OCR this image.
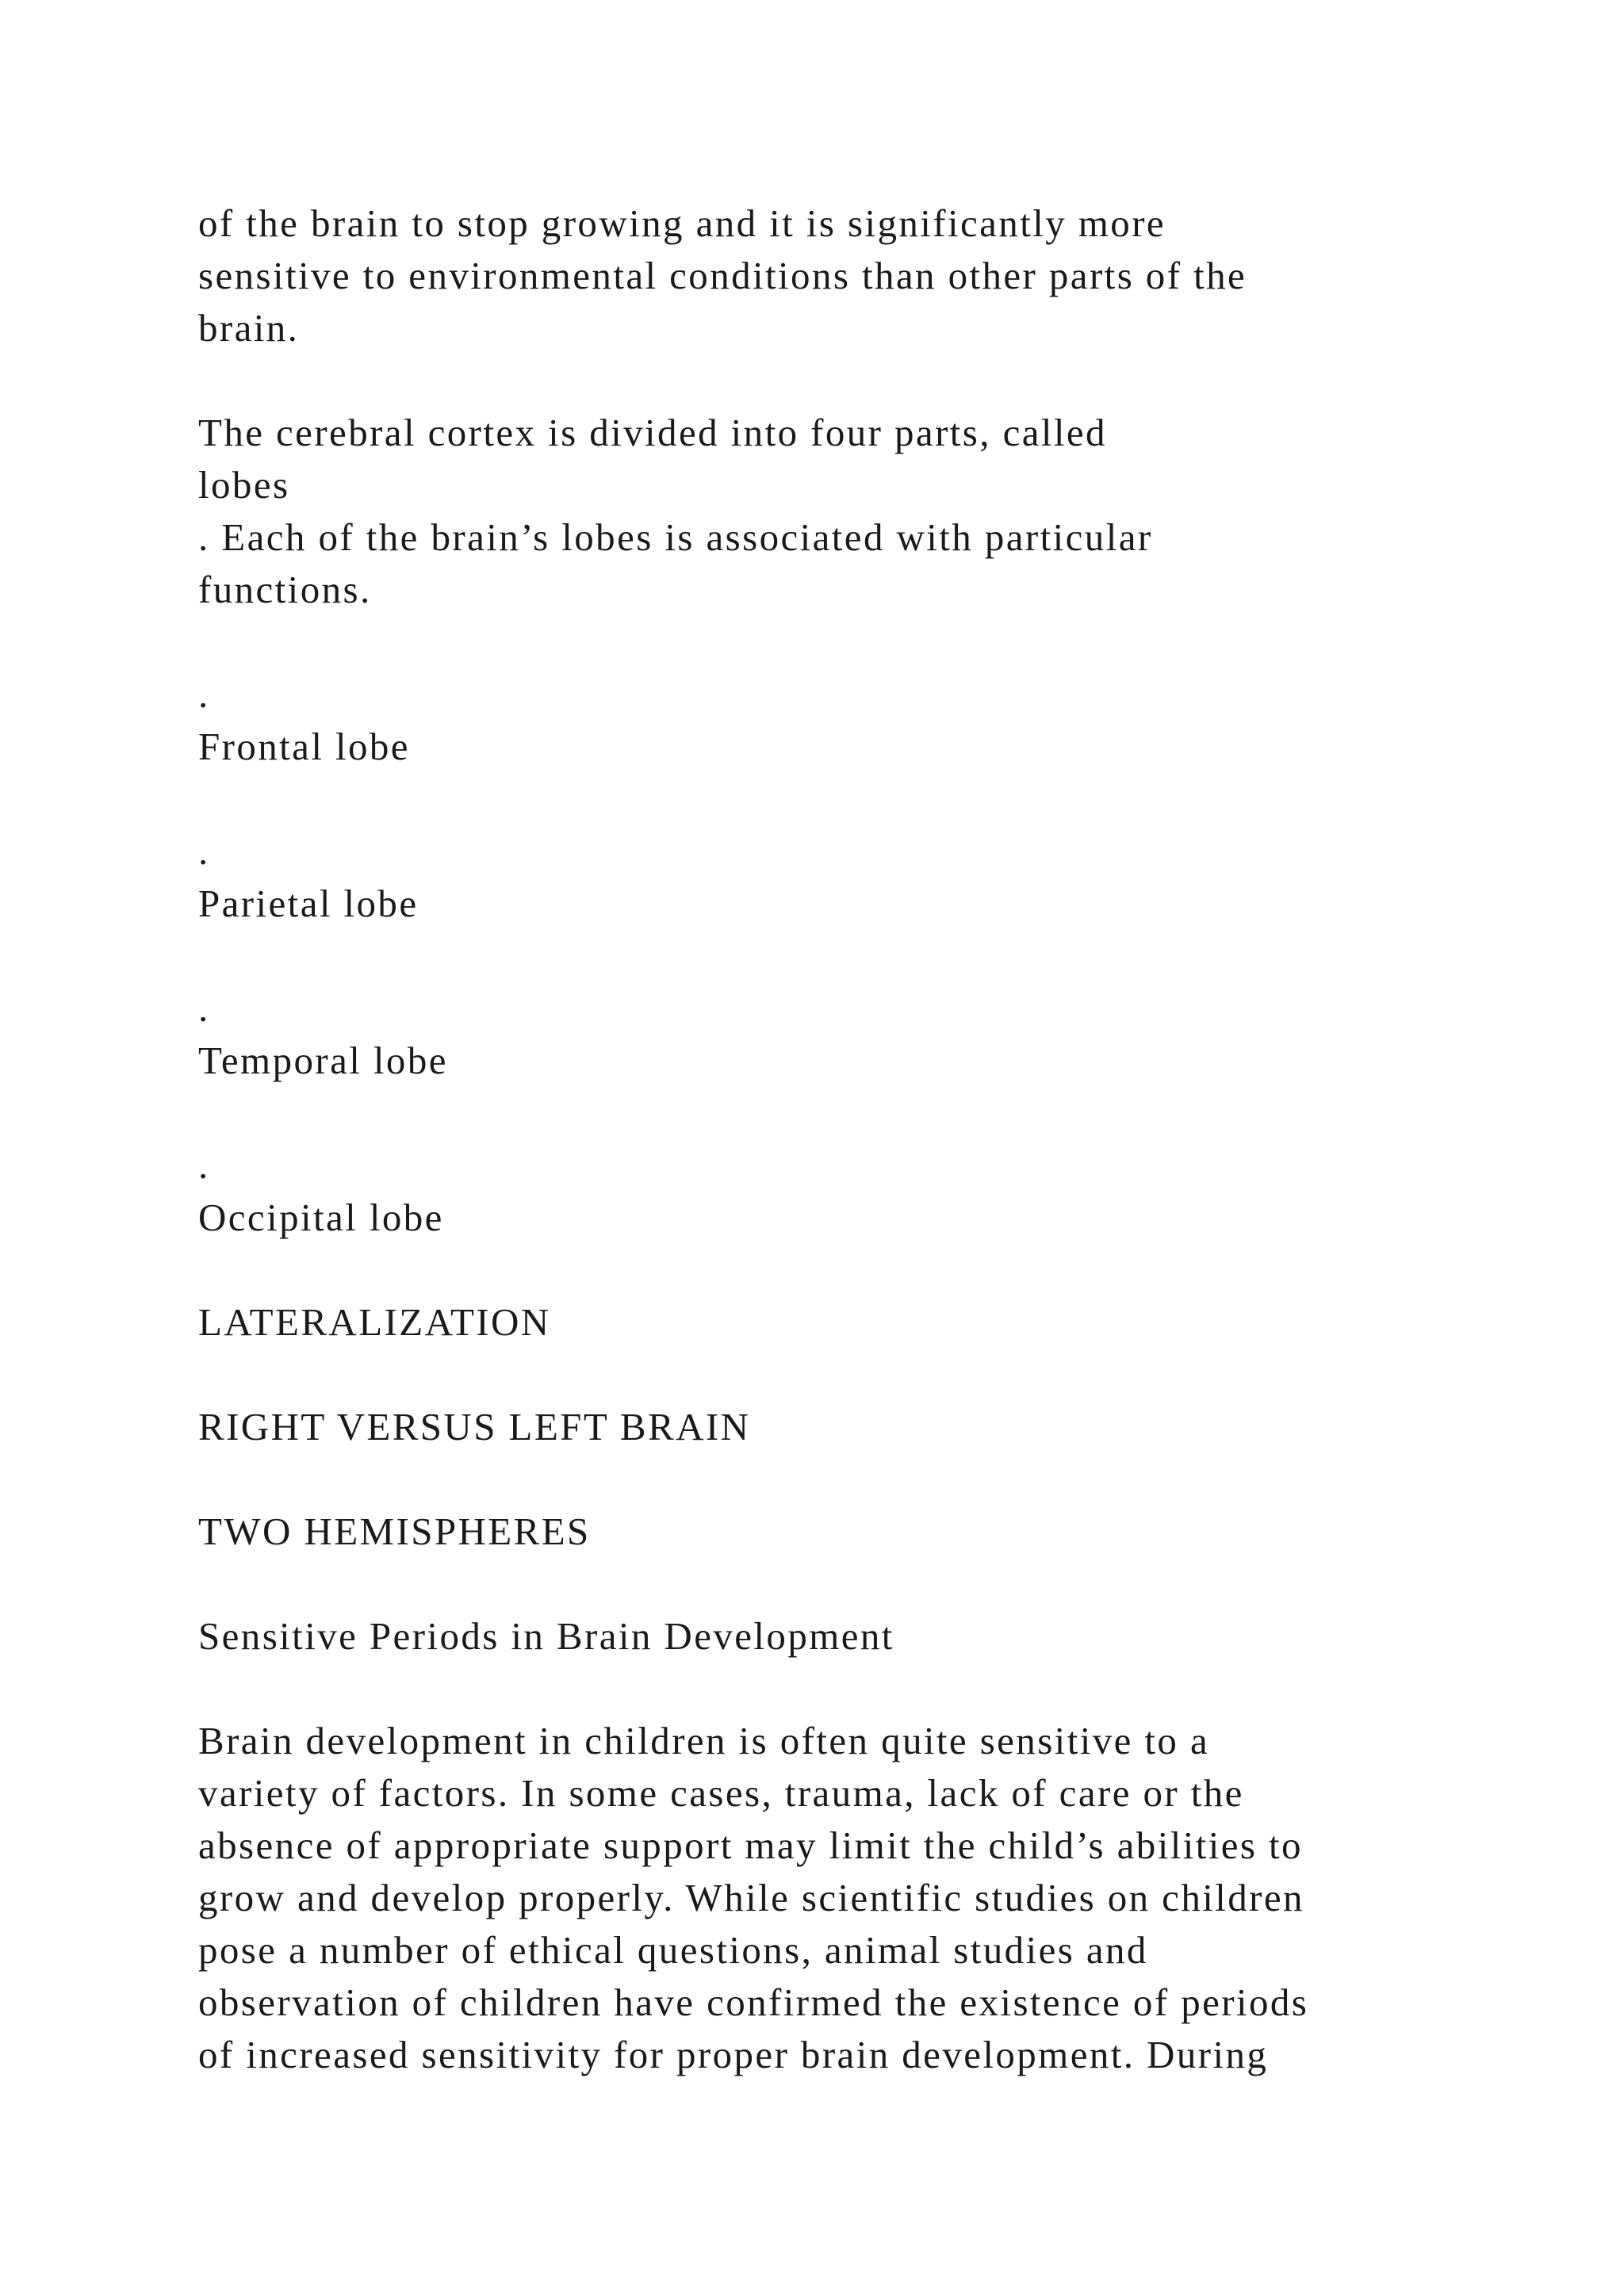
of the brain to stop growing and it is significantly more

sensitive to environmental conditions than other parts of the

brain.

The cerebral cortex is divided into four parts, called

lobes

. Each of the brain’s lobes is associated with particular

functions.

.

Frontal lobe

.

Parietal lobe

.

Temporal lobe

.

Occipital lobe

LATERALIZATION

RIGHT VERSUS LEFT BRAIN

TWO HEMISPHERES

Sensitive Periods in Brain Development

Brain development in children is often quite sensitive to a

variety of factors. In some cases, trauma, lack of care or the

absence of appropriate support may limit the child’s abilities to

grow and develop properly. While scientific studies on children

pose a number of ethical questions, animal studies and

observation of children have confirmed the existence of periods

of increased sensitivity for proper brain development. During
